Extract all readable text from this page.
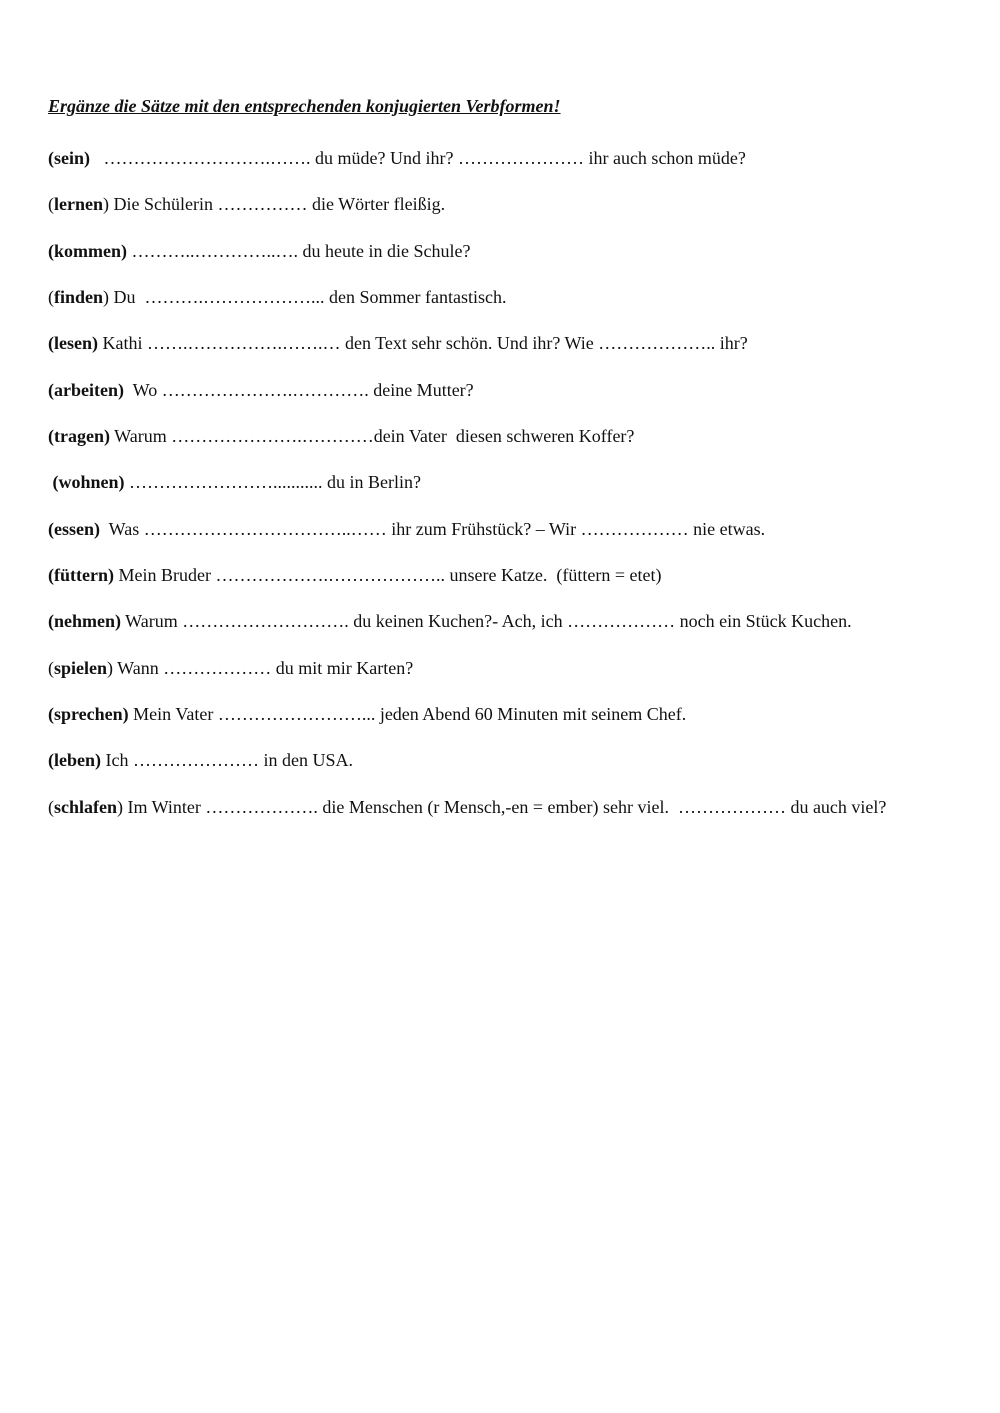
Ergänze die Sätze mit den entsprechenden konjugierten Verbformen!
(sein)   ……………………….……. du müde? Und ihr? ………………… ihr auch schon müde?
(lernen) Die Schülerin …………… die Wörter fleißig.
(kommen) ………..…………..…. du heute in die Schule?
(finden) Du  ……….………………... den Sommer fantastisch.
(lesen) Kathi …….…………….…….… den Text sehr schön. Und ihr? Wie ……………….. ihr?
(arbeiten)  Wo ………………….…………. deine Mutter?
(tragen) Warum ………………….…………dein Vater  diesen schweren Koffer?
(wohnen) ……………………........... du in Berlin?
(essen)  Was ……………………………..…… ihr zum Frühstück? – Wir ……………… nie etwas.
(füttern) Mein Bruder ……………….……………….. unsere Katze.  (füttern = etet)
(nehmen) Warum ………………………. du keinen Kuchen?- Ach, ich ……………… noch ein Stück Kuchen.
(spielen) Wann ……………… du mit mir Karten?
(sprechen) Mein Vater ……………………... jeden Abend 60 Minuten mit seinem Chef.
(leben) Ich ………………… in den USA.
(schlafen) Im Winter ………………. die Menschen (r Mensch,-en = ember) sehr viel.  ……………… du auch viel?
